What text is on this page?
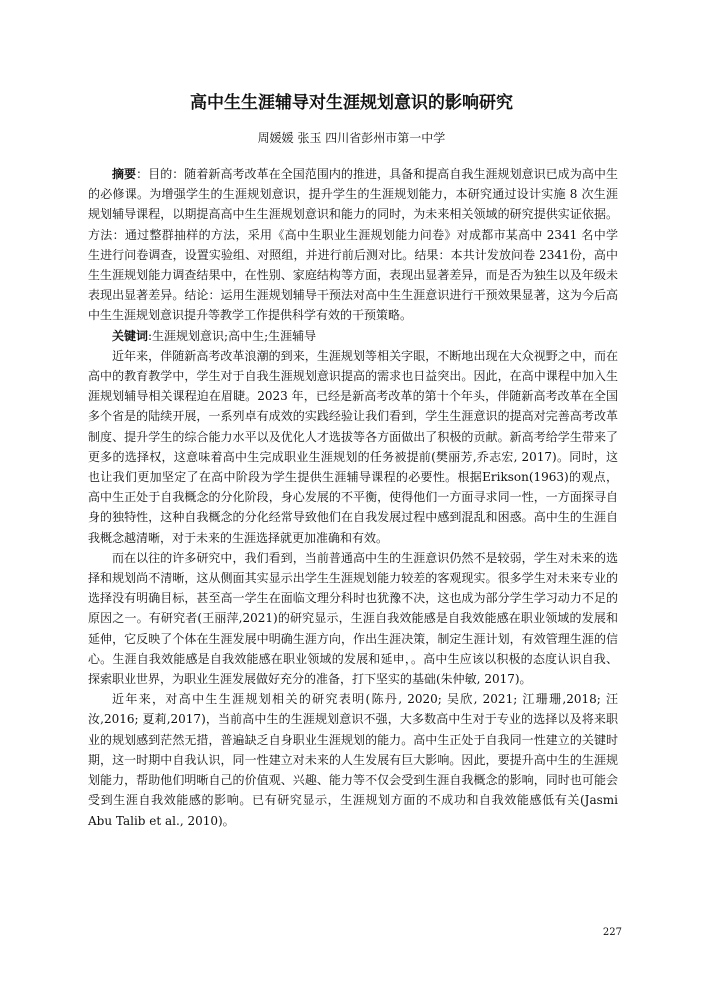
高中生生涯辅导对生涯规划意识的影响研究
周媛媛 张玉 四川省彭州市第一中学

摘要：目的：随着新高考改革在全国范围内的推进，具备和提高自我生涯规划意识已成为高中生的必修课。为增强学生的生涯规划意识，提升学生的生涯规划能力，本研究通过设计实施 8 次生涯规划辅导课程，以期提高高中生生涯规划意识和能力的同时，为未来相关领域的研究提供实证依据。方法：通过整群抽样的方法，采用《高中生职业生涯规划能力问卷》对成都市某高中 2341 名中学生进行问卷调查，设置实验组、对照组，并进行前后测对比。结果：本共计发放问卷 2341份，高中生生涯规划能力调查结果中，在性别、家庭结构等方面，表现出显著差异，而是否为独生以及年级未表现出显著差异。结论：运用生涯规划辅导干预法对高中生生涯意识进行干预效果显著，这为今后高中生生涯规划意识提升等教学工作提供科学有效的干预策略。

关键词:生涯规划意识;高中生;生涯辅导

近年来，伴随新高考改革浪潮的到来，生涯规划等相关字眼，不断地出现在大众视野之中，而在高中的教育教学中，学生对于自我生涯规划意识提高的需求也日益突出。因此，在高中课程中加入生涯规划辅导相关课程迫在眉睫。2023 年，已经是新高考改革的第十个年头，伴随新高考改革在全国多个省是的陆续开展，一系列卓有成效的实践经验让我们看到，学生生涯意识的提高对完善高考改革制度、提升学生的综合能力水平以及优化人才选拔等各方面做出了积极的贡献。新高考给学生带来了更多的选择权，这意味着高中生完成职业生涯规划的任务被提前(樊丽芳,乔志宏, 2017)。同时，这也让我们更加坚定了在高中阶段为学生提供生涯辅导课程的必要性。根据Erikson(1963)的观点，高中生正处于自我概念的分化阶段，身心发展的不平衡，使得他们一方面寻求同一性，一方面探寻自身的独特性，这种自我概念的分化经常导致他们在自我发展过程中感到混乱和困惑。高中生的生涯自我概念越清晰，对于未来的生涯选择就更加准确和有效。

而在以往的许多研究中，我们看到，当前普通高中生的生涯意识仍然不是较弱，学生对未来的选择和规划尚不清晰，这从侧面其实显示出学生生涯规划能力较差的客观现实。很多学生对未来专业的选择没有明确目标，甚至高一学生在面临文理分科时也犹豫不决，这也成为部分学生学习动力不足的原因之一。有研究者(王丽萍,2021)的研究显示，生涯自我效能感是自我效能感在职业领域的发展和延伸，它反映了个体在生涯发展中明确生涯方向，作出生涯决策，制定生涯计划，有效管理生涯的信心。生涯自我效能感是自我效能感在职业领域的发展和延申，。高中生应该以积极的态度认识自我、探索职业世界，为职业生涯发展做好充分的准备，打下坚实的基础(朱仲敏, 2017)。

近年来，对高中生生涯规划相关的研究表明(陈丹, 2020; 吴欣, 2021; 江珊珊,2018; 汪汝,2016; 夏莉,2017)，当前高中生的生涯规划意识不强，大多数高中生对于专业的选择以及将来职业的规划感到茫然无措，普遍缺乏自身职业生涯规划的能力。高中生正处于自我同一性建立的关键时期，这一时期中自我认识，同一性建立对未来的人生发展有巨大影响。因此，要提升高中生的生涯规划能力，帮助他们明晰自己的价值观、兴趣、能力等不仅会受到生涯自我概念的影响，同时也可能会受到生涯自我效能感的影响。已有研究显示，生涯规划方面的不成功和自我效能感低有关(Jasmi Abu Talib et al., 2010)。

227
